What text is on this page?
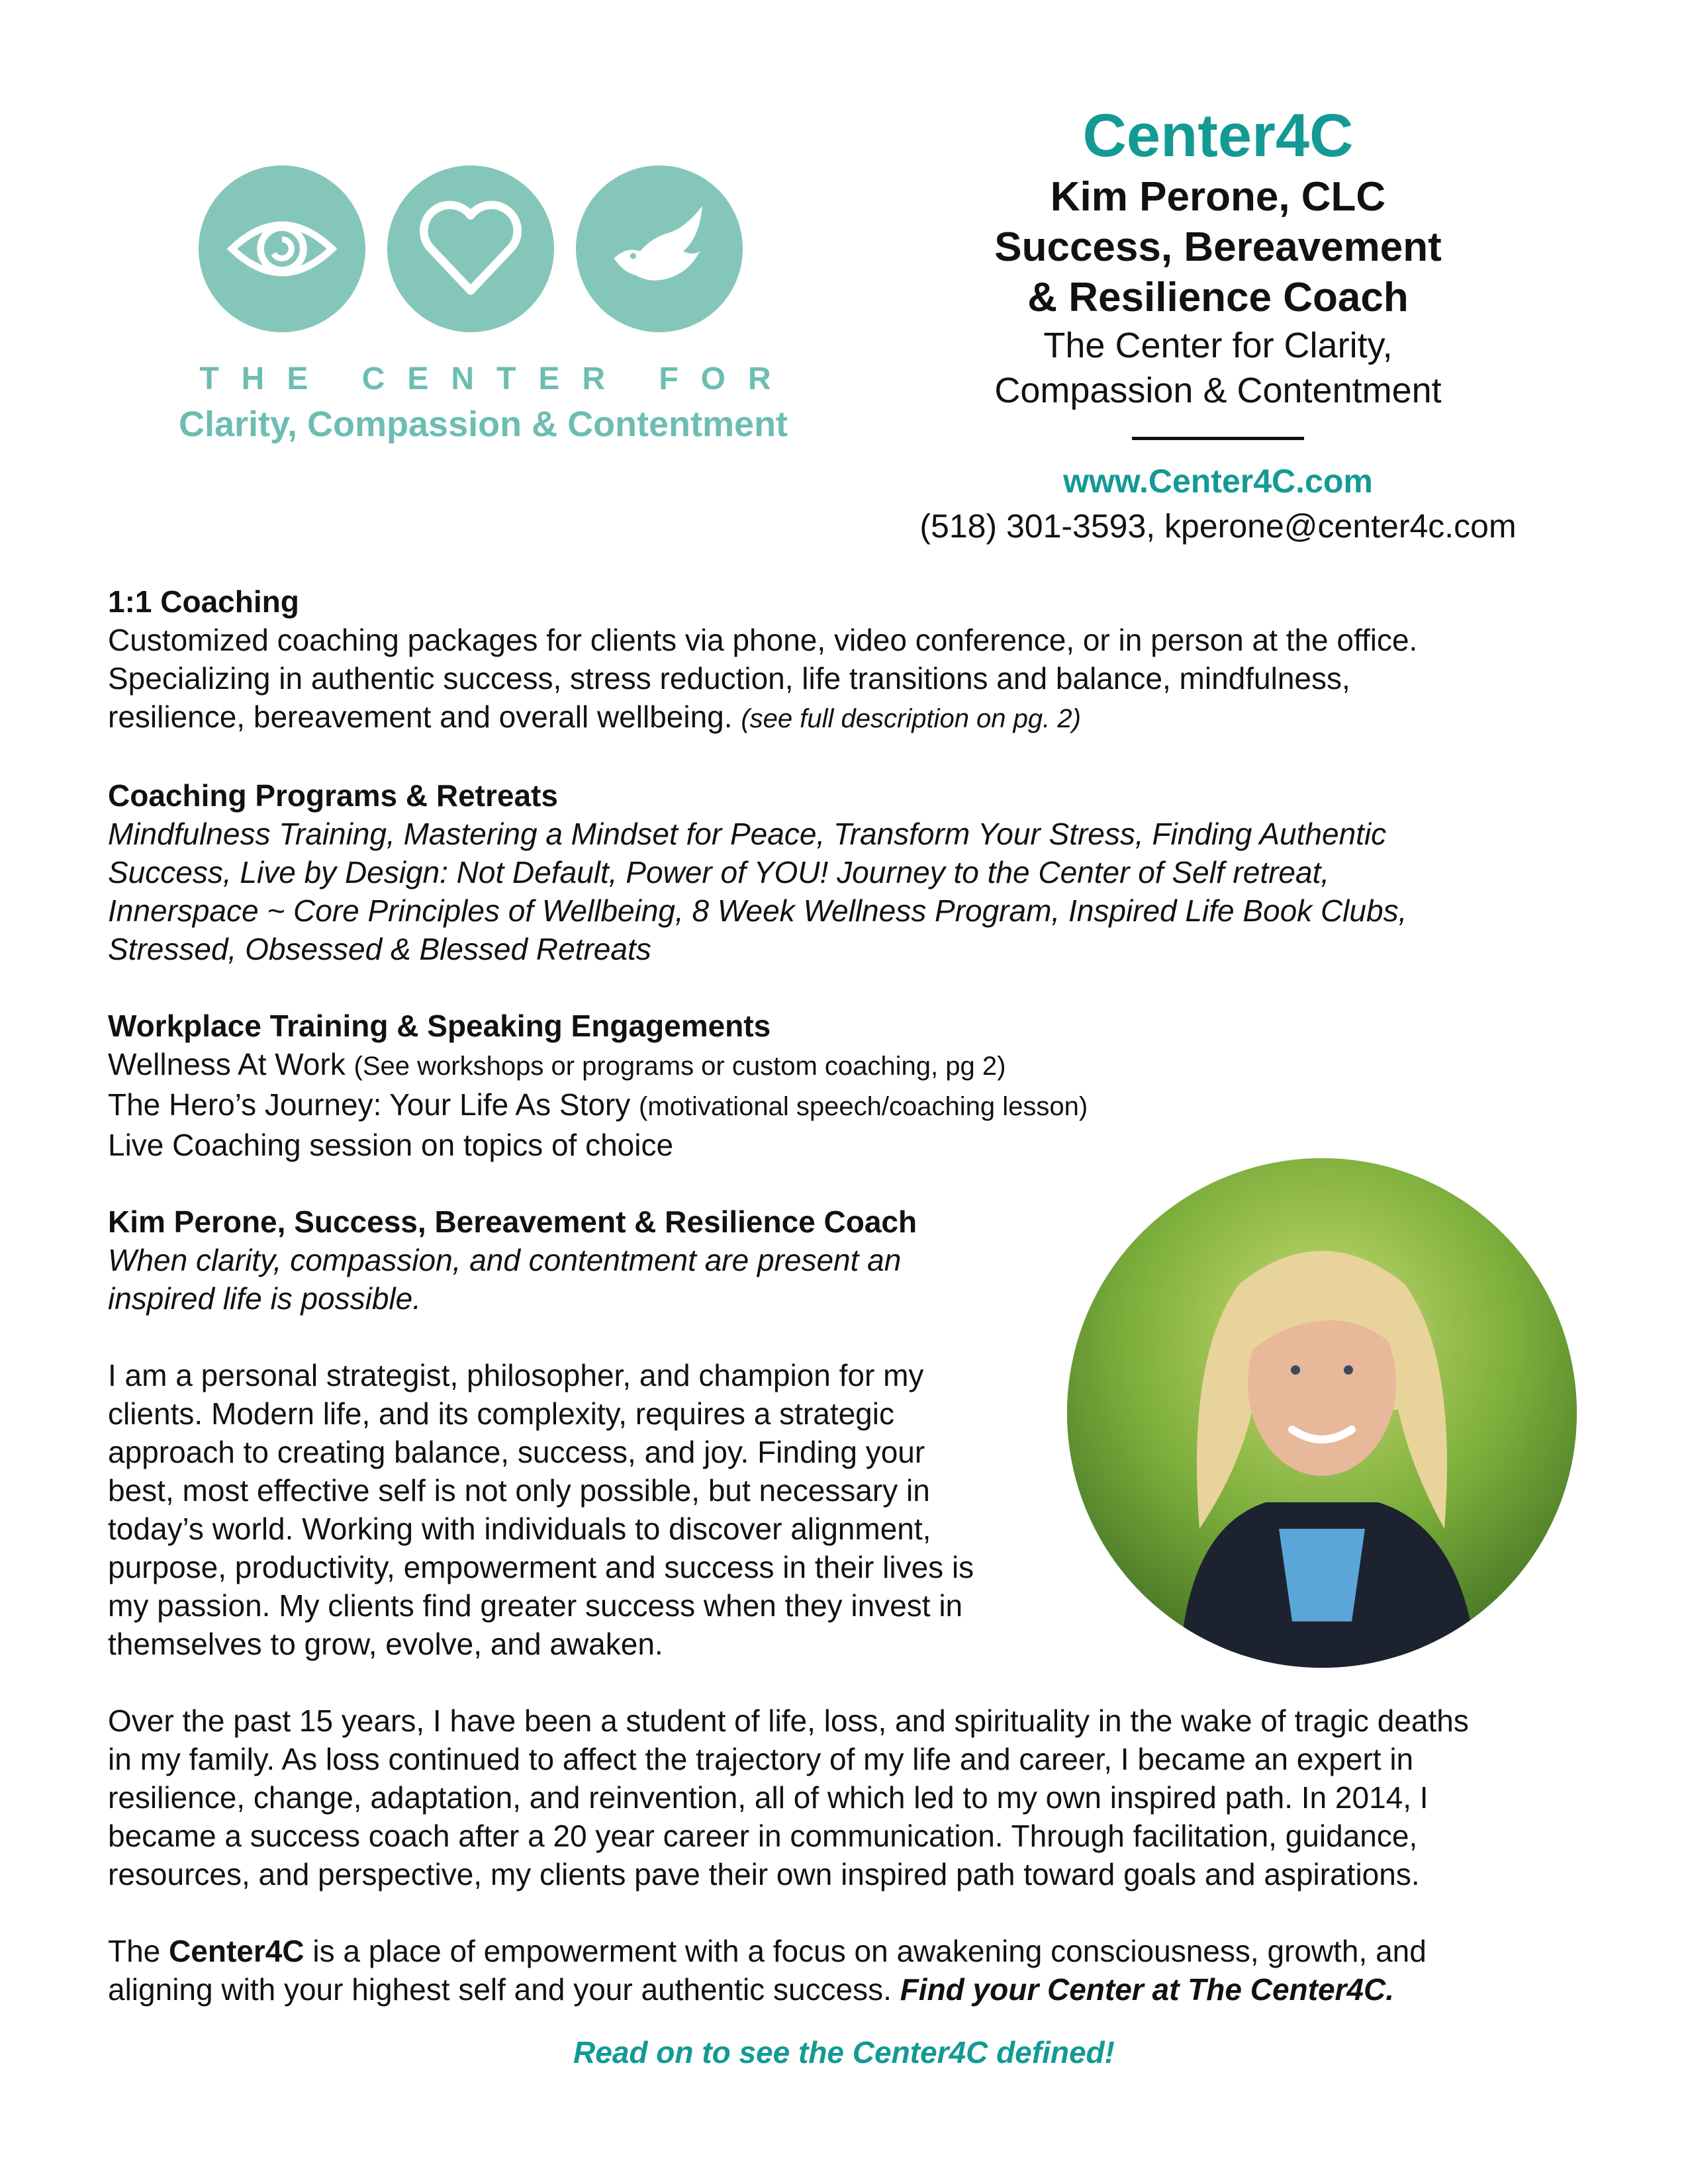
THE CENTER FOR
Clarity, Compassion & Contentment
Center4C
Kim Perone, CLC
Success, Bereavement
& Resilience Coach
The Center for Clarity,
Compassion & Contentment
www.Center4C.com
(518) 301-3593, kperone@center4c.com
1:1 Coaching
Customized coaching packages for clients via phone, video conference, or in person at the office.
Specializing in authentic success, stress reduction, life transitions and balance, mindfulness,
resilience, bereavement and overall wellbeing. (see full description on pg. 2)
Coaching Programs & Retreats
Mindfulness Training, Mastering a Mindset for Peace, Transform Your Stress, Finding Authentic
Success, Live by Design: Not Default, Power of YOU! Journey to the Center of Self retreat,
Innerspace ~ Core Principles of Wellbeing, 8 Week Wellness Program, Inspired Life Book Clubs,
Stressed, Obsessed & Blessed Retreats
Workplace Training & Speaking Engagements
Wellness At Work (See workshops or programs or custom coaching, pg 2)
The Hero’s Journey: Your Life As Story (motivational speech/coaching lesson)
Live Coaching session on topics of choice
Kim Perone, Success, Bereavement & Resilience Coach
When clarity, compassion, and contentment are present an
inspired life is possible.
I am a personal strategist, philosopher, and champion for my
clients. Modern life, and its complexity, requires a strategic
approach to creating balance, success, and joy. Finding your
best, most effective self is not only possible, but necessary in
today’s world. Working with individuals to discover alignment,
purpose, productivity, empowerment and success in their lives is
my passion. My clients find greater success when they invest in
themselves to grow, evolve, and awaken.
Over the past 15 years, I have been a student of life, loss, and spirituality in the wake of tragic deaths
in my family. As loss continued to affect the trajectory of my life and career, I became an expert in
resilience, change, adaptation, and reinvention, all of which led to my own inspired path. In 2014, I
became a success coach after a 20 year career in communication. Through facilitation, guidance,
resources, and perspective, my clients pave their own inspired path toward goals and aspirations.
The Center4C is a place of empowerment with a focus on awakening consciousness, growth, and
aligning with your highest self and your authentic success. Find your Center at The Center4C.
Read on to see the Center4C defined!
